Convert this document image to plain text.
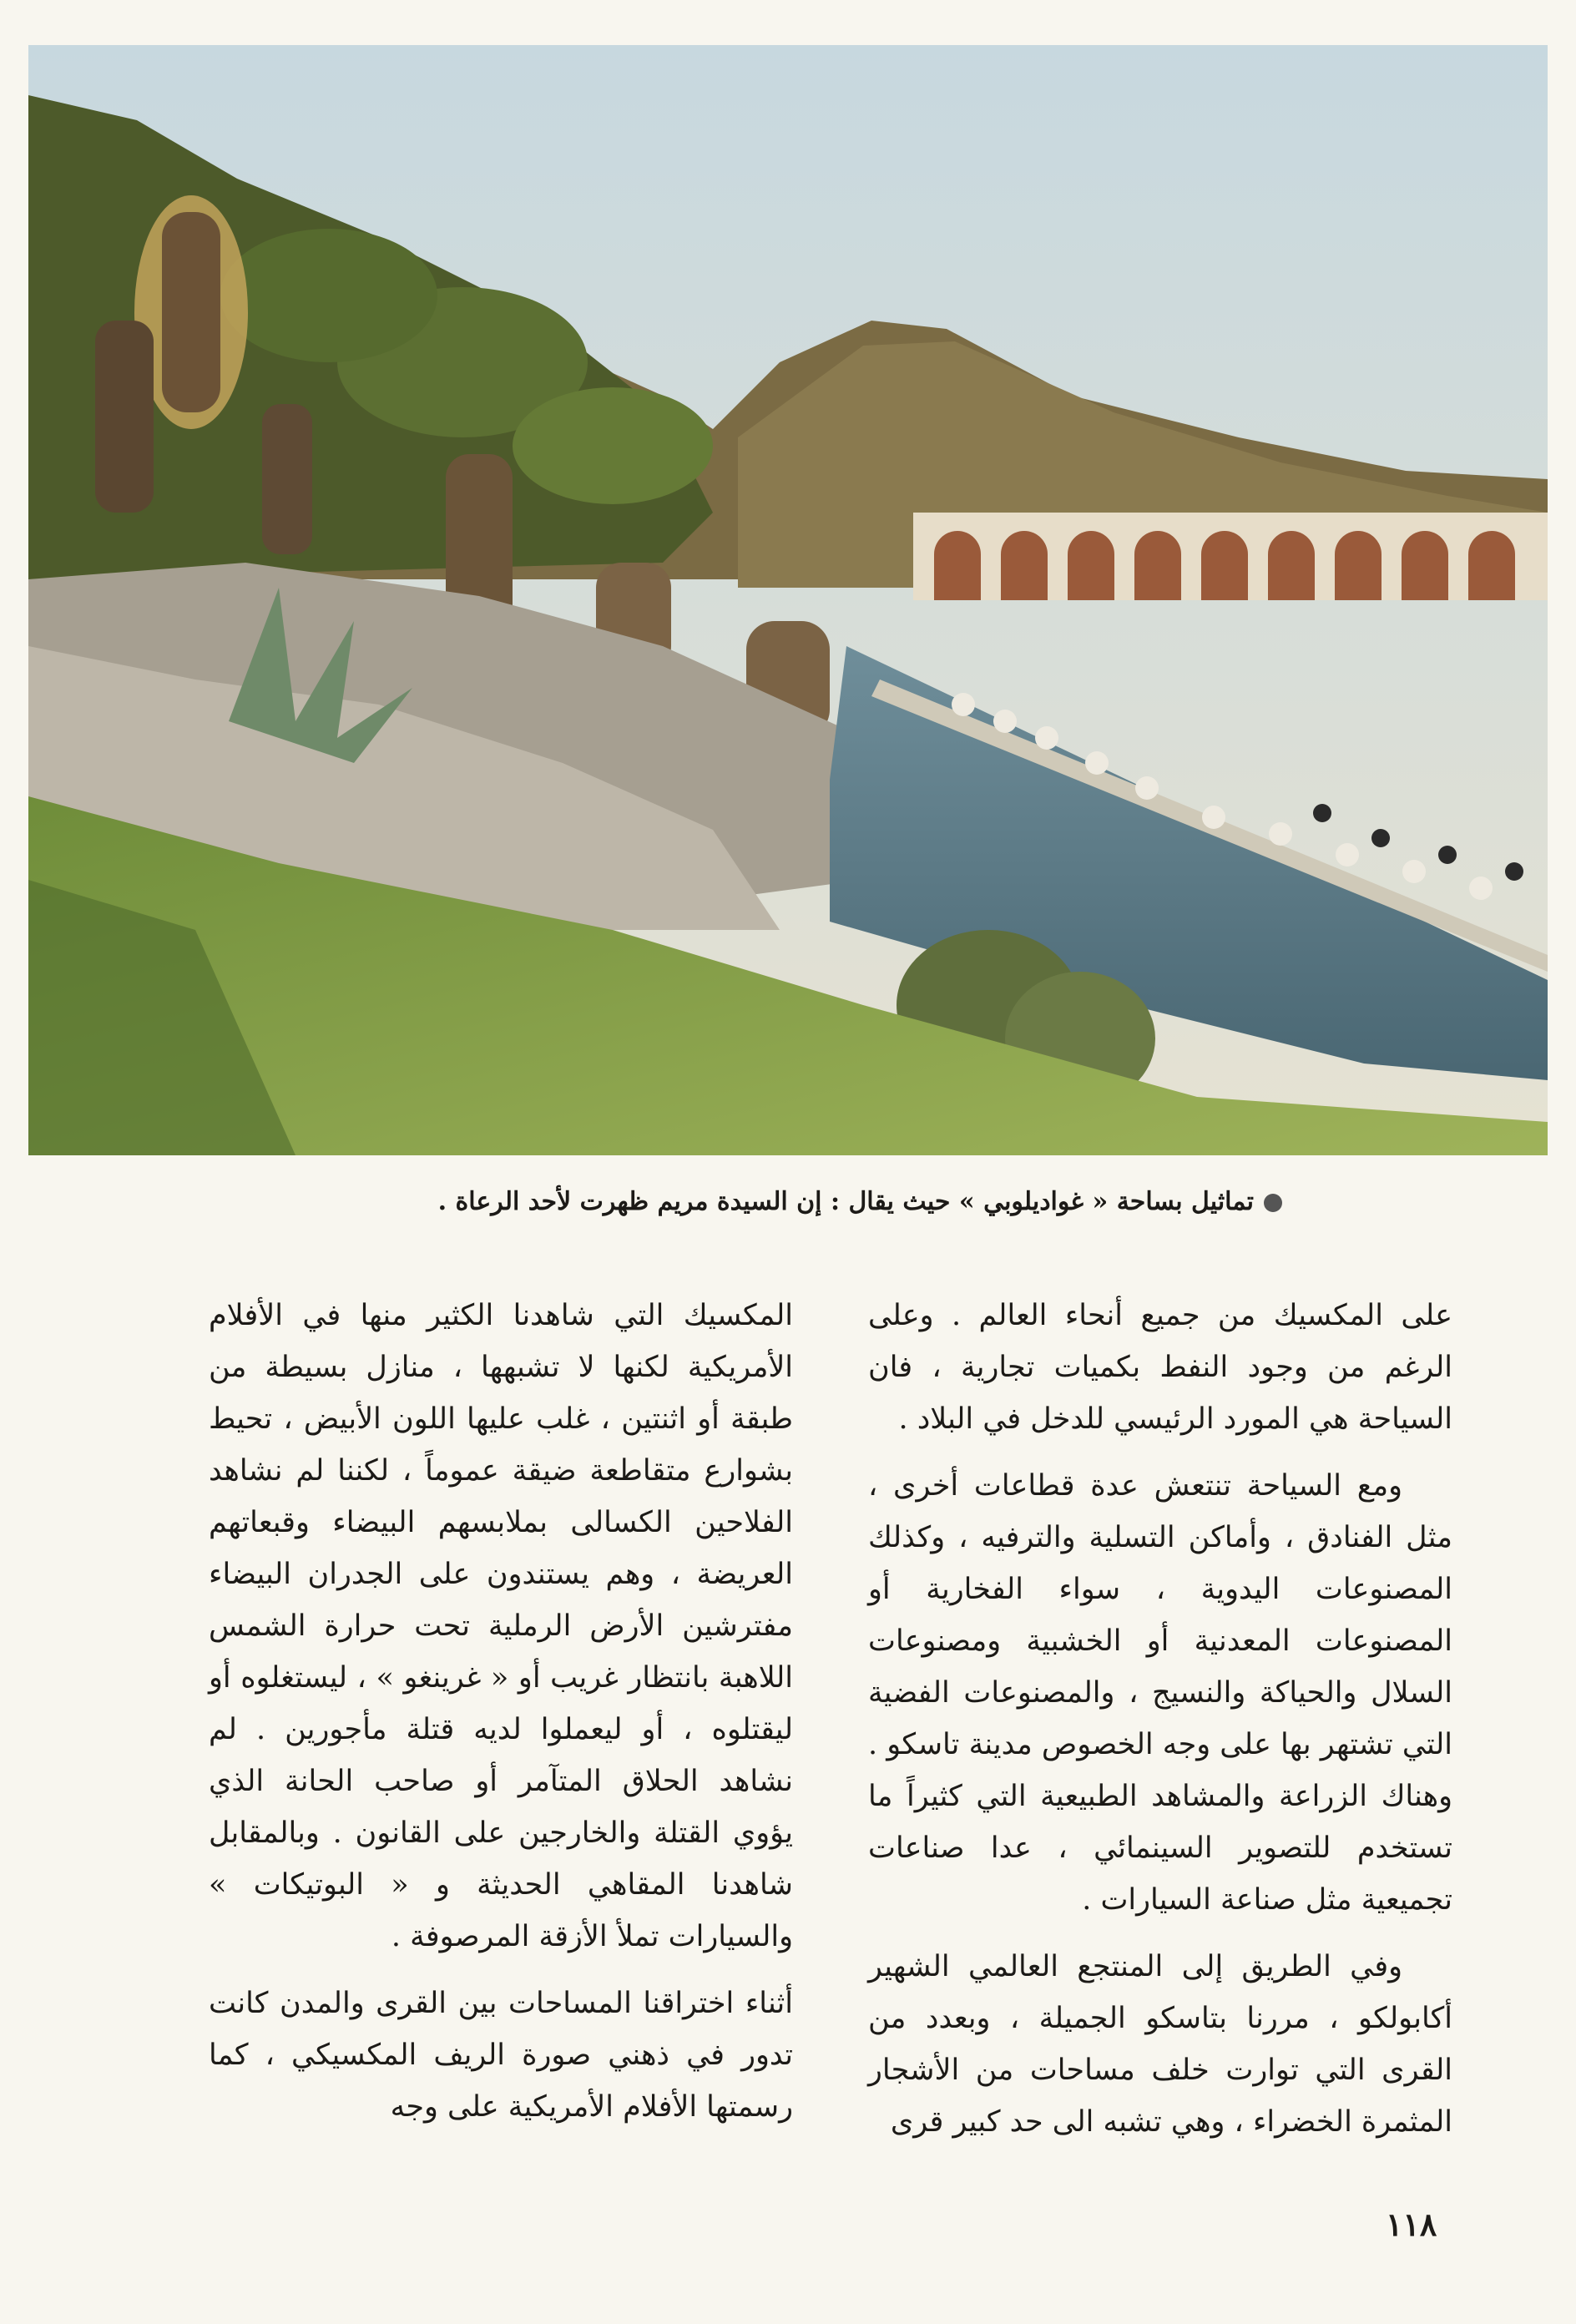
تماثيل بساحة « غواديلوبي » حيث يقال : إن السيدة مريم ظهرت لأحد الرعاة .

على المكسيك من جميع أنحاء العالم . وعلى الرغم من وجود النفط بكميات تجارية ، فان السياحة هي المورد الرئيسي للدخل في البلاد .

ومع السياحة تنتعش عدة قطاعات أخرى ، مثل الفنادق ، وأماكن التسلية والترفيه ، وكذلك المصنوعات اليدوية ، سواء الفخارية أو المصنوعات المعدنية أو الخشبية ومصنوعات السلال والحياكة والنسيج ، والمصنوعات الفضية التي تشتهر بها على وجه الخصوص مدينة تاسكو . وهناك الزراعة والمشاهد الطبيعية التي كثيراً ما تستخدم للتصوير السينمائي ، عدا صناعات تجميعية مثل صناعة السيارات .

وفي الطريق إلى المنتجع العالمي الشهير أكابولكو ، مررنا بتاسكو الجميلة ، وبعدد من القرى التي توارت خلف مساحات من الأشجار المثمرة الخضراء ، وهي تشبه الى حد كبير قرى

المكسيك التي شاهدنا الكثير منها في الأفلام الأمريكية لكنها لا تشبهها ، منازل بسيطة من طبقة أو اثنتين ، غلب عليها اللون الأبيض ، تحيط بشوارع متقاطعة ضيقة عموماً ، لكننا لم نشاهد الفلاحين الكسالى بملابسهم البيضاء وقبعاتهم العريضة ، وهم يستندون على الجدران البيضاء مفترشين الأرض الرملية تحت حرارة الشمس اللاهبة بانتظار غريب أو « غرينغو » ، ليستغلوه أو ليقتلوه ، أو ليعملوا لديه قتلة مأجورين . لم نشاهد الحلاق المتآمر أو صاحب الحانة الذي يؤوي القتلة والخارجين على القانون . وبالمقابل شاهدنا المقاهي الحديثة و « البوتيكات » والسيارات تملأ الأزقة المرصوفة .

أثناء اختراقنا المساحات بين القرى والمدن كانت تدور في ذهني صورة الريف المكسيكي ، كما رسمتها الأفلام الأمريكية على وجه

١١٨
